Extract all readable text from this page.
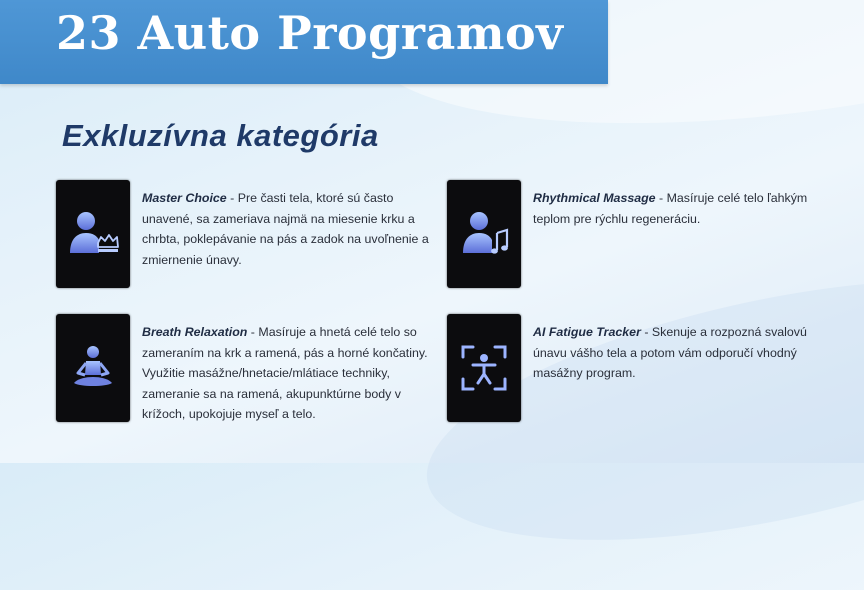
23 Auto Programov
Exkluzívna kategória
Master Choice - Pre časti tela, ktoré sú často unavené, sa zameriava najmä na miesenie krku a chrbta, poklepávanie na pás a zadok na uvoľnenie a zmiernenie únavy.
Rhythmical Massage - Masíruje celé telo ľahkým teplom pre rýchlu regeneráciu.
Breath Relaxation - Masíruje a hnetá celé telo so zameraním na krk a ramená, pás a horné končatiny. Využitie masážne/hnetacie/mlátiace techniky, zameranie sa na ramená, akupunktúrne body v krížoch, upokojuje myseľ a telo.
AI Fatigue Tracker - Skenuje a rozpozná svalovú únavu vášho tela a potom vám odporučí vhodný masážny program.
